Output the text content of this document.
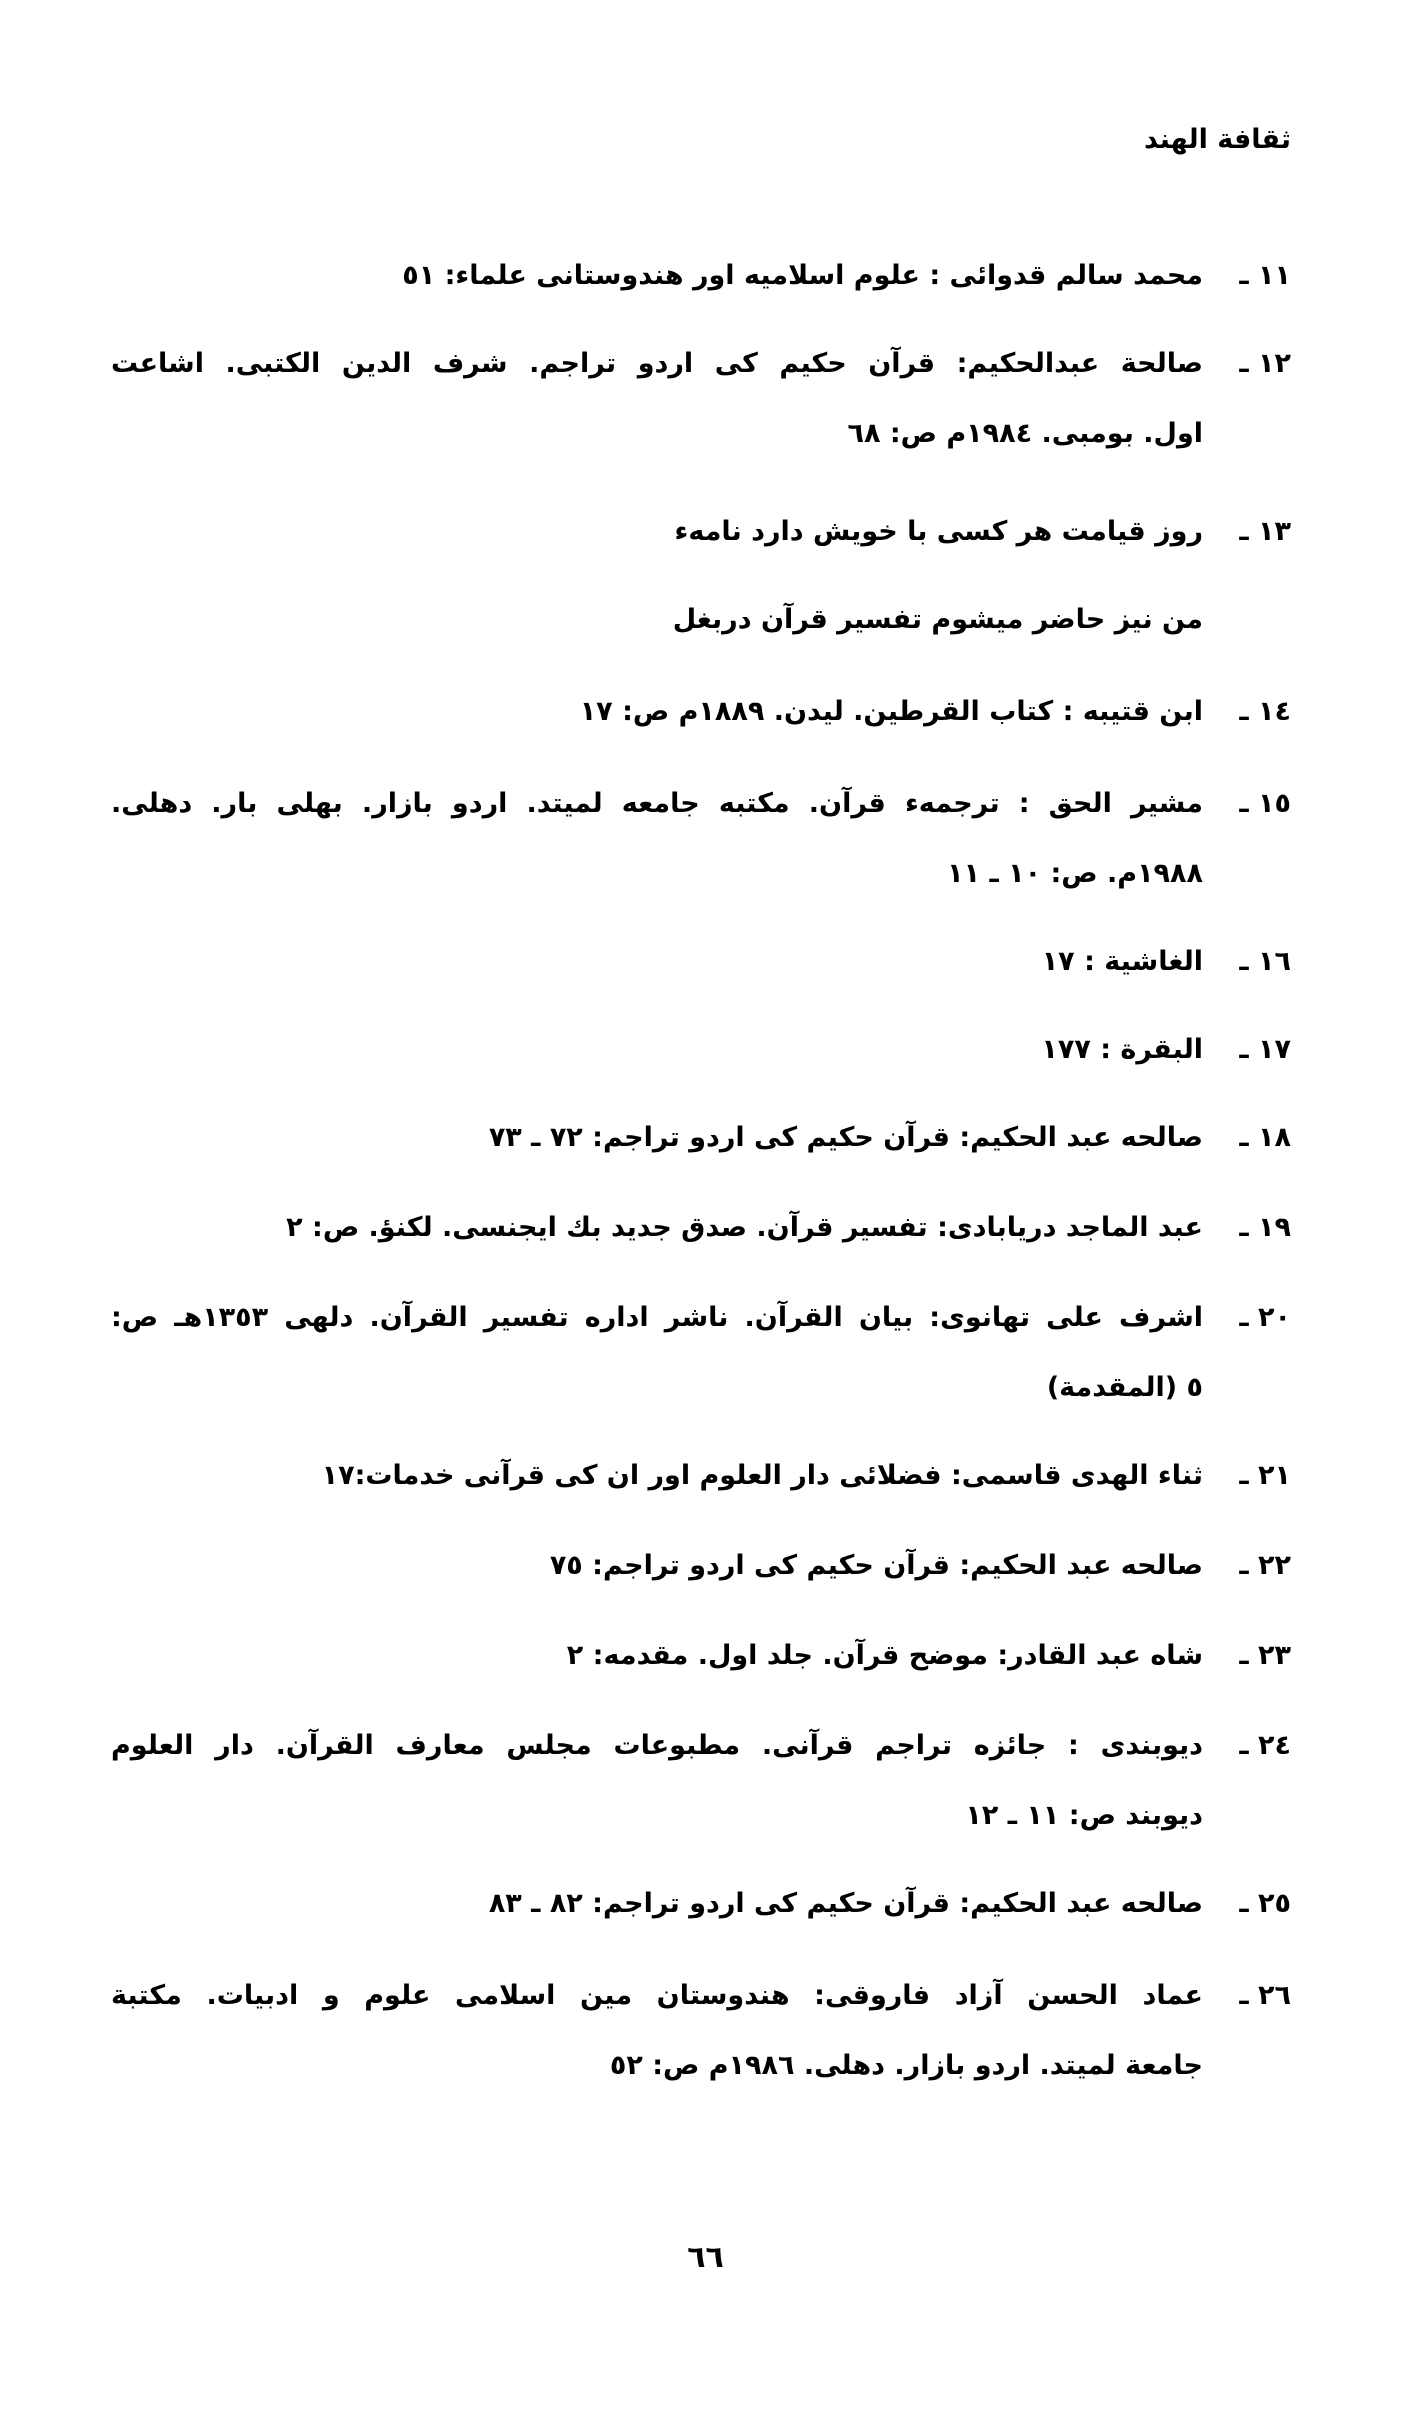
ثقافة الهند
١١ ـ
محمد سالم قدوائی : علوم اسلامیه اور هندوستانی علماء: ٥١
١٢ ـ
صالحة عبدالحکیم: قرآن حکیم کی اردو تراجم. شرف الدین الکتبی. اشاعت
اول. بومبی. ١٩٨٤م ص: ٦٨
١٣ ـ
روز قیامت هر کسی با خویش دارد نامهء
من نیز حاضر میشوم تفسیر قرآن دربغل
١٤ ـ
ابن قتیبه : کتاب القرطین. لیدن. ١٨٨٩م ص: ١٧
١٥ ـ
مشیر الحق : ترجمهء قرآن. مکتبه جامعه لمیتد. اردو بازار. بهلی بار. دهلی.
١٩٨٨م. ص: ١٠ ـ ١١
١٦ ـ
الغاشیة : ١٧
١٧ ـ
البقرة : ١٧٧
١٨ ـ
صالحه عبد الحکیم: قرآن حکیم کی اردو تراجم: ٧٢ ـ ٧٣
١٩ ـ
عبد الماجد دریابادی: تفسیر قرآن. صدق جدید بك ایجنسی. لکنؤ. ص: ٢
٢٠ ـ
اشرف علی تهانوی: بیان القرآن. ناشر اداره تفسیر القرآن. دلهی ١٣٥٣هـ ص:
٥ (المقدمة)
٢١ ـ
ثناء الهدی قاسمی: فضلائی دار العلوم اور ان کی قرآنی خدمات:١٧
٢٢ ـ
صالحه عبد الحکیم: قرآن حکیم کی اردو تراجم: ٧٥
٢٣ ـ
شاه عبد القادر: موضح قرآن. جلد اول. مقدمه: ٢
٢٤ ـ
دیوبندی : جائزه تراجم قرآنی. مطبوعات مجلس معارف القرآن. دار العلوم
دیوبند ص: ١١ ـ ١٢
٢٥ ـ
صالحه عبد الحکیم: قرآن حکیم کی اردو تراجم: ٨٢ ـ ٨٣
٢٦ ـ
عماد الحسن آزاد فاروقی: هندوستان مین اسلامی علوم و ادبیات. مکتبة
جامعة لمیتد. اردو بازار. دهلی. ١٩٨٦م ص: ٥٢
٦٦
